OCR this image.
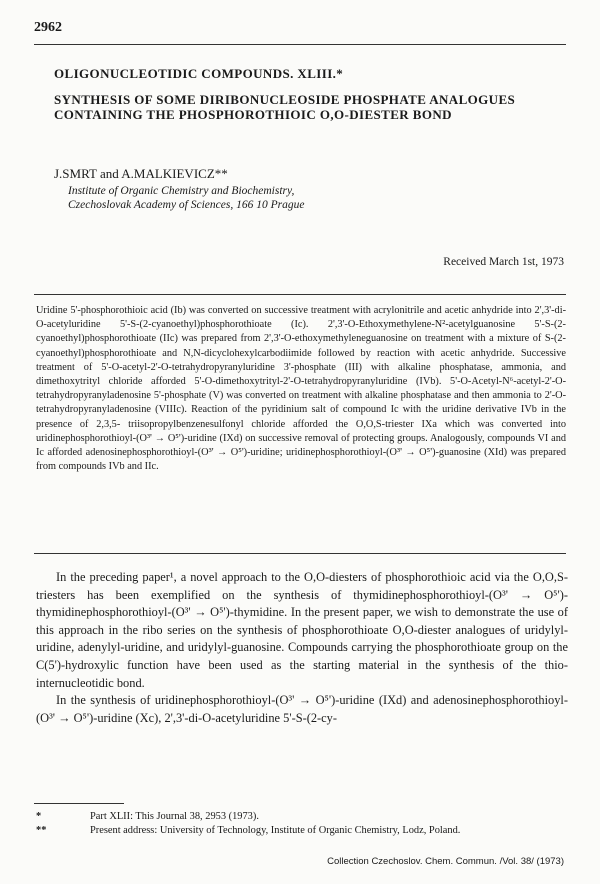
2962
OLIGONUCLEOTIDIC COMPOUNDS. XLIII.*
SYNTHESIS OF SOME DIRIBONUCLEOSIDE PHOSPHATE ANALOGUES CONTAINING THE PHOSPHOROTHIOIC O,O-DIESTER BOND
J.SMRT and A.MALKIEVICZ**
Institute of Organic Chemistry and Biochemistry,
Czechoslovak Academy of Sciences, 166 10 Prague
Received March 1st, 1973

Uridine 5'-phosphorothioic acid (Ib) was converted on successive treatment with acrylonitrile and acetic anhydride into 2',3'-di-O-acetyluridine 5'-S-(2-cyanoethyl)phosphorothioate (Ic). 2',3'-O-Ethoxymethylene-N²-acetylguanosine 5'-S-(2-cyanoethyl)phosphorothioate (IIc) was prepared from 2',3'-O-ethoxymethyleneguanosine on treatment with a mixture of S-(2-cyanoethyl)phosphorothioate and N,N-dicyclohexylcarbodiimide followed by reaction with acetic anhydride. Successive treatment of 5'-O-acetyl-2'-O-tetrahydropyranyluridine 3'-phosphate (III) with alkaline phosphatase, ammonia, and dimethoxytrityl chloride afforded 5'-O-dimethoxytrityl-2'-O-tetrahydropyranyluridine (IVb). 5'-O-Acetyl-N⁶-acetyl-2'-O-tetrahydropyranyladenosine 5'-phosphate (V) was converted on treatment with alkaline phosphatase and then ammonia to 2'-O-tetrahydropyranyladenosine (VIIIc). Reaction of the pyridinium salt of compound Ic with the uridine derivative IVb in the presence of 2,3,5- triisopropylbenzenesulfonyl chloride afforded the O,O,S-triester IXa which was converted into uridinephosphorothioyl-(O³' → O⁵')-uridine (IXd) on successive removal of protecting groups. Analogously, compounds VI and Ic afforded adenosinephosphorothioyl-(O³' → O⁵')-uridine; uridinephosphorothioyl-(O³' → O⁵')-guanosine (XId) was prepared from compounds IVb and IIc.

In the preceding paper¹, a novel approach to the O,O-diesters of phosphorothioic acid via the O,O,S-triesters has been exemplified on the synthesis of thymidinephosphorothioyl-(O³' → O⁵')-thymidinephosphorothioyl-(O³' → O⁵')-thymidine. In the present paper, we wish to demonstrate the use of this approach in the ribo series on the synthesis of phosphorothioate O,O-diester analogues of uridylyl-uridine, adenylyl-uridine, and uridylyl-guanosine. Compounds carrying the phosphorothioate group on the C(5')-hydroxylic function have been used as the starting material in the synthesis of the thio-internucleotidic bond.

In the synthesis of uridinephosphorothioyl-(O³' → O⁵')-uridine (IXd) and adenosinephosphorothioyl-(O³' → O⁵')-uridine (Xc), 2',3'-di-O-acetyluridine 5'-S-(2-cy-

*	Part XLII: This Journal 38, 2953 (1973).
**	Present address: University of Technology, Institute of Organic Chemistry, Lodz, Poland.
Collection Czechoslov. Chem. Commun. /Vol. 38/ (1973)
